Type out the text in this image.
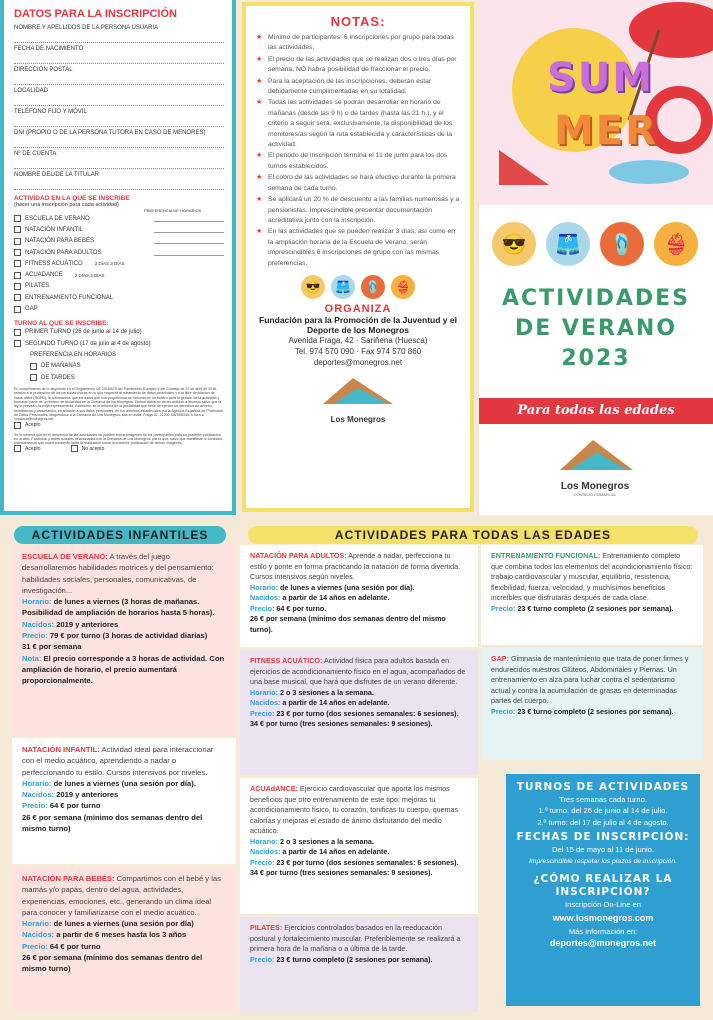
DATOS PARA LA INSCRIPCIÓN
NOMBRE Y APELLIDOS DE LA PERSONA USUARIA
FECHA DE NACIMIENTO
DIRECCIÓN POSTAL
LOCALIDAD
TELÉFONO FIJO Y MÓVIL
DNI (PROPIO O DE LA PERSONA TUTORA EN CASO DE MENORES)
Nº DE CUENTA
NOMBRE DEL/DE LA TITULAR
ACTIVIDAD EN LA QUE SE INSCRIBE
(hacer una inscripción para cada actividad)
PREFERENCIA DE HORARIOS
ESCUELA DE VERANO
NATACIÓN INFANTIL
NATACIÓN PARA BEBÉS
NATACIÓN PARA ADULTOS
FITNESS ACUÁTICO	2 DÍAS 3 DÍAS
ACUADANCE	2 DÍAS 3 DÍAS
PILATES
ENTRENAMIENTO FUNCIONAL
GAP
TURNO AL QUE SE INSCRIBE:
PRIMER TURNO (26 de junio al 14 de julio)
SEGUNDO TURNO (17 de julio al 4 de agosto)
PREFERENCIA EN HORARIOS
DE MAÑANAS
DE TARDES
En cumplimiento de lo dispuesto en el Reglamento UE 2016/679 del Parlamento Europeo y del Consejo de 27 de abril de 2016, relativo a la protección de las personas físicas en lo que respecta al tratamiento de datos personales y a la libre circulación de estos datos (RGPD), le informamos que los datos que nos proporciona se incluirán en un fichero para la gestión de la actividad y formarán parte de un fichero de titularidad de la Comarca de los Monegros. Dichos datos no serán cedidos a terceros salvo que la ley lo prevea o lo exija expresamente. Asimismo, se le informa de la posibilidad que tiene de ejercer los derechos de acceso, rectificación y cancelación, en relación a sus datos personales, en los términos establecidos por la Agencia Española de Protección de Datos Personales, dirigiéndose a la Comarca de Los Monegros, sita en avda. Fraga 42, 22200 SARIÑENA, o bien a comarca@monegros.net
Acepto
Se le informa que en el desarrollo de las actividades se pueden tomar imágenes de los participantes para su posterior publicación en la web, Facebook y redes sociales relacionadas con la Comarca de Los Monegros, por lo que, salvo que manifieste lo contrario, entenderemos que usted consiente tanto la realización como la posterior publicación de dichas imágenes.
Acepto	No acepto
NOTAS:
★ Mínimo de participantes: 6 inscripciones por grupo para todas las actividades.
★ El precio de las actividades que se realizan dos o tres días por semana, NO habrá posibilidad de fraccionar el precio.
★ Para la aceptación de las inscripciones, deberán estar debidamente cumplimentadas en su totalidad.
★ Todas las actividades se podrán desarrollar en horario de mañanas (desde las 9 h) o de tardes (hasta las 21 h.), y el criterio a seguir será, exclusivamente, la disponibilidad de los monitores/as según la ruta establecida y características de la actividad.
★ El periodo de inscripción termina el 11 de junio para los dos turnos establecidos.
★ El cobro de las actividades se hará efectivo durante la primera semana de cada turno.
★ Se aplicará un 20 % de descuento a las familias numerosas y a pensionistas. Imprescindible presentar documentación acreditativa junto con la inscripción.
★ En las actividades que se pueden realizar 3 días, así como en la ampliación horaria de la Escuela de Verano, serán imprescindibles 6 inscripciones de grupo con las mismas preferencias.
😎	🩳	🩴	👙
ORGANIZA
Fundación para la Promoción de la Juventud y el Deporte de los Monegros
Avenida Fraga, 42 · Sariñena (Huesca)
Tel. 974 570 090 · Fax 974 570 860
deportes@monegros.net
Los Monegros
SUM
MER
😎	🩳	🩴	👙
ACTIVIDADES
DE VERANO
2023
Para todas las edades
Los Monegros
CONSEJO COMARCAL
ACTIVIDADES INFANTILES	ACTIVIDADES PARA TODAS LAS EDADES
ESCUELA DE VERANO: A través del juego desarrollaremos habilidades motrices y del pensamiento: habilidades sociales, personales, comunicativas, de investigación...
Horario: de lunes a viernes (3 horas de mañanas. Posibilidad de ampliación de horarios hasta 5 horas).
Nacidos: 2019 y anteriores
Precio: 79 € por turno (3 horas de actividad diarias)
31 € por semana
Nota: El precio corresponde a 3 horas de actividad. Con ampliación de horario, el precio aumentará proporcionalmente.
NATACIÓN INFANTIL: Actividad ideal para interaccionar con el medio acuático, aprendiendo a nadar o perfeccionando tu estilo. Cursos intensivos por niveles.
Horario: de lunes a viernes (una sesión por día).
Nacidos: 2019 y anteriores
Precio: 64 € por turno
26 € por semana (mínimo dos semanas dentro del mismo turno)
NATACIÓN PARA BEBÉS: Compartimos con el bebé y las mamás y/o papás, dentro del agua, actividades, experiencias, emociones, etc., generando un clima ideal para conocer y familiarizarse con el medio acuático.
Horario: de lunes a viernes (una sesión por día)
Nacidos: a partir de 6 meses hasta los 3 años
Precio: 64 € por turno
26 € por semana (mínimo dos semanas dentro del mismo turno)
NATACIÓN PARA ADULTOS: Aprende a nadar, perfecciona tu estilo y ponte en forma practicando la natación de forma divertida. Cursos intensivos según niveles.
Horario: de lunes a viernes (una sesión por día).
Nacidos: a partir de 14 años en adelante.
Precio: 64 € por turno.
26 € por semana (mínimo dos semanas dentro del mismo turno).
FITNESS ACUÁTICO: Actividad física para adultos basada en ejercicios de acondicionamiento físico en el agua, acompañados de una base musical, que hará que disfrutes de un verano diferente.
Horario: 2 o 3 sesiones a la semana.
Nacidos: a partir de 14 años en adelante.
Precio: 23 € por turno (dos sesiones semanales: 6 sesiones).
34 € por turno (tres sesiones semanales: 9 sesiones).
ACUAdANCE: Ejercicio cardiovascular que aporta los mismos beneficios que otro entrenamiento de este tipo: mejoras tu acondicionamiento físico, tu corazón, tonificas tu cuerpo, quemas calorías y mejoras el estado de ánimo disfrutando del medio acuático.
Horario: 2 o 3 sesiones a la semana.
Nacidos: a partir de 14 años en adelante.
Precio: 23 € por turno (dos sesiones semanales: 6 sesiones).
34 € por turno (tres sesiones semanales: 9 sesiones).
PILATES: Ejercicios controlados basados en la reeducación postural y fortalecimiento muscular. Preferiblemente se realizará a primera hora de la mañana o a última de la tarde.
Precio: 23 € turno completo (2 sesiones por semana).
ENTRENAMIENTO FUNCIONAL: Entrenamiento completo que combina todos los elementos del acondicionamiento físico: trabajo cardiovascular y muscular, equilibrio, resistencia, flexibilidad, fuerza, velocidad, y muchísimos beneficios increíbles que disfrutarás después de cada clase.
Precio: 23 € turno completo (2 sesiones por semana).
GAP: Gimnasia de mantenimiento que trata de poner firmes y endurecidos nuestros Glúteos, Abdominales y Piernas. Un entrenamiento en alza para luchar contra el sedentarismo actual y contra la acumulación de grasas en determinadas partes del cuerpo.
Precio: 23 € turno completo (2 sesiones por semana).
TURNOS DE ACTIVIDADES
Tres semanas cada turno.
1.º turno: del 26 de junio al 14 de julio.
2.º turno: del 17 de julio al 4 de agosto.
FECHAS DE INSCRIPCIÓN:
Del 15 de mayo al 11 de junio.
Imprescindible respetar los plazos de inscripción.
¿CÓMO REALIZAR LA INSCRIPCIÓN?
Inscripción On-Line en
www.losmonegros.com
Más información en:
deportes@monegros.net
